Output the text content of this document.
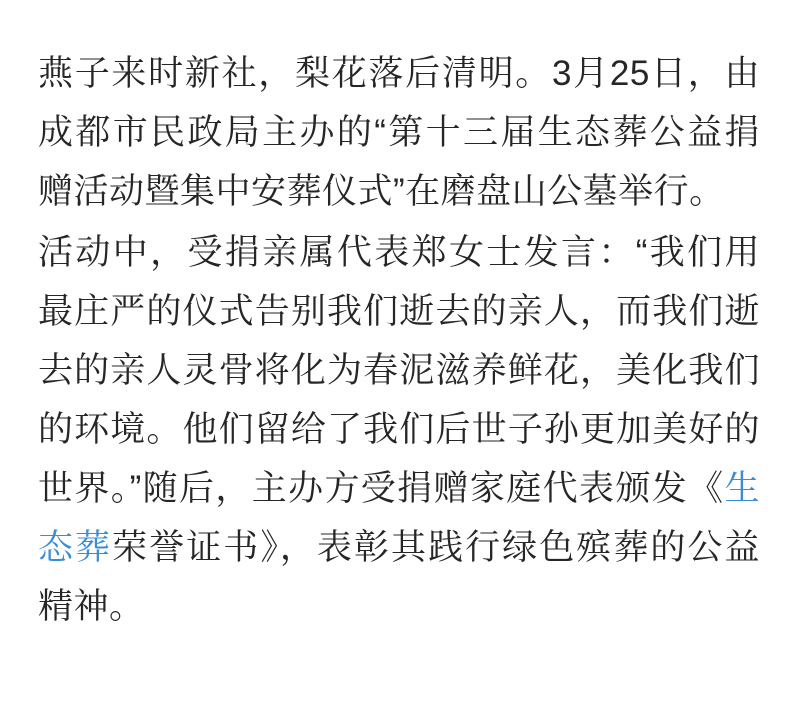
燕子来时新社，梨花落后清明。3月25日，由成都市民政局主办的“第十三届生态葬公益捐赠活动暨集中安葬仪式”在磨盘山公墓举行。

活动中，受捐亲属代表郑女士发言：“我们用最庄严的仪式告别我们逝去的亲人，而我们逝去的亲人灵骨将化为春泥滋养鲜花，美化我们的环境。他们留给了我们后世子孙更加美好的世界。”随后，主办方受捐赠家庭代表颁发《生态葬荣誉证书》，表彰其践行绿色殡葬的公益精神。
